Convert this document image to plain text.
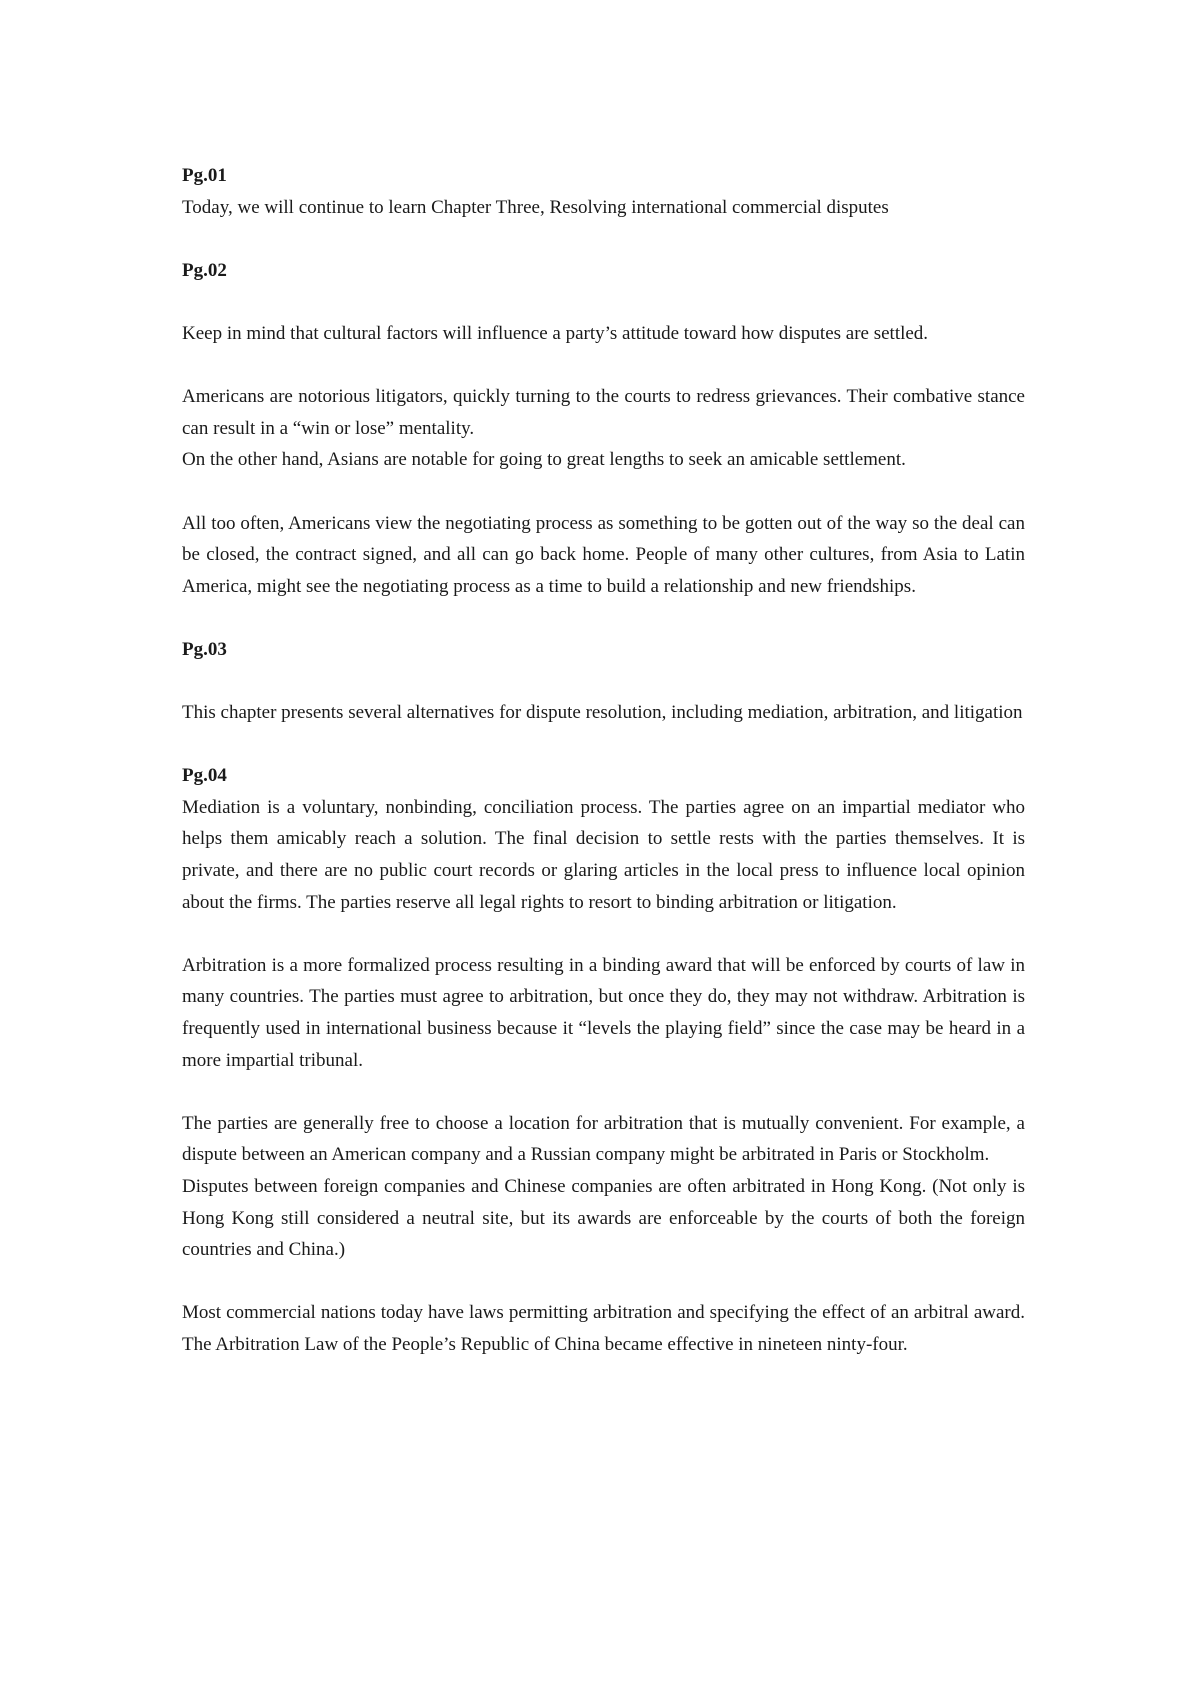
Pg.01

Today, we will continue to learn Chapter Three, Resolving international commercial disputes

Pg.02

Keep in mind that cultural factors will influence a party’s attitude toward how disputes are settled.

Americans are notorious litigators, quickly turning to the courts to redress grievances. Their combative stance can result in a “win or lose” mentality.

On the other hand, Asians are notable for going to great lengths to seek an amicable settlement.

All too often, Americans view the negotiating process as something to be gotten out of the way so the deal can be closed, the contract signed, and all can go back home. People of many other cultures, from Asia to Latin America, might see the negotiating process as a time to build a relationship and new friendships.

Pg.03

This chapter presents several alternatives for dispute resolution, including mediation, arbitration, and litigation

Pg.04

Mediation is a voluntary, nonbinding, conciliation process. The parties agree on an impartial mediator who helps them amicably reach a solution. The final decision to settle rests with the parties themselves. It is private, and there are no public court records or glaring articles in the local press to influence local opinion about the firms. The parties reserve all legal rights to resort to binding arbitration or litigation.

Arbitration is a more formalized process resulting in a binding award that will be enforced by courts of law in many countries. The parties must agree to arbitration, but once they do, they may not withdraw. Arbitration is frequently used in international business because it “levels the playing field” since the case may be heard in a more impartial tribunal.

The parties are generally free to choose a location for arbitration that is mutually convenient. For example, a dispute between an American company and a Russian company might be arbitrated in Paris or Stockholm.

Disputes between foreign companies and Chinese companies are often arbitrated in Hong Kong. (Not only is Hong Kong still considered a neutral site, but its awards are enforceable by the courts of both the foreign countries and China.)

Most commercial nations today have laws permitting arbitration and specifying the effect of an arbitral award. The Arbitration Law of the People’s Republic of China became effective in nineteen ninty-four.
